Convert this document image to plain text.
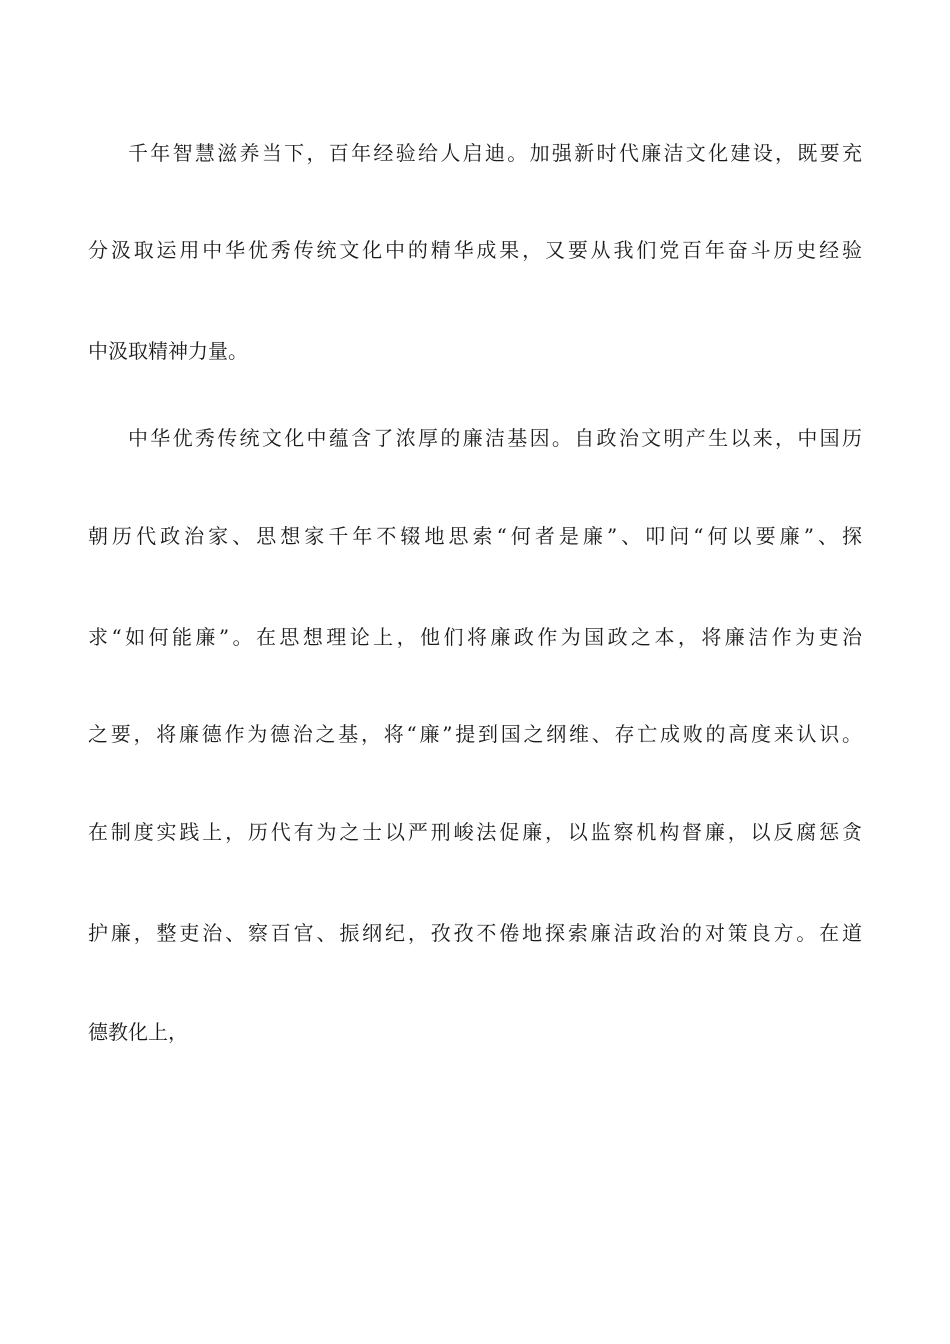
千年智慧滋养当下，百年经验给人启迪。加强新时代廉洁文化建设，既要充

分汲取运用中华优秀传统文化中的精华成果，又要从我们党百年奋斗历史经验

中汲取精神力量。

中华优秀传统文化中蕴含了浓厚的廉洁基因。自政治文明产生以来，中国历

朝历代政治家、思想家千年不辍地思索“何者是廉”、叩问“何以要廉”、探

求“如何能廉”。在思想理论上，他们将廉政作为国政之本，将廉洁作为吏治

之要，将廉德作为德治之基，将“廉”提到国之纲维、存亡成败的高度来认识。

在制度实践上，历代有为之士以严刑峻法促廉，以监察机构督廉，以反腐惩贪

护廉，整吏治、察百官、振纲纪，孜孜不倦地探索廉洁政治的对策良方。在道

德教化上，
